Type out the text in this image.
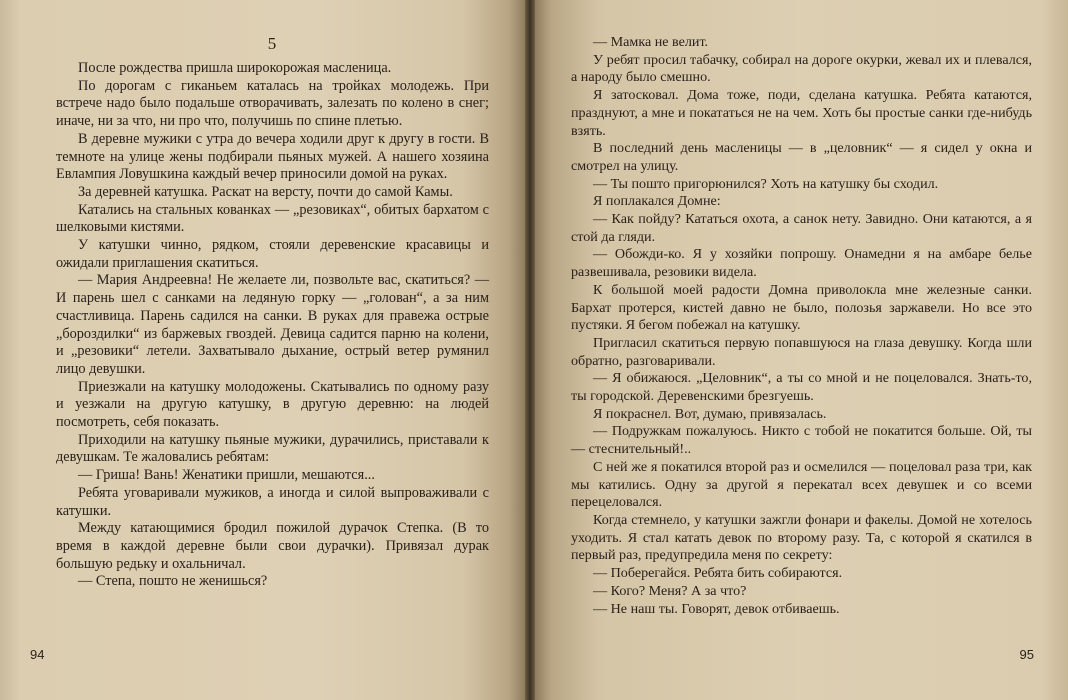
5

После рождества пришла широкорожая масленица.

По дорогам с гиканьем каталась на тройках молодежь. При встрече надо было подальше отворачивать, залезать по колено в снег; иначе, ни за что, ни про что, получишь по спине плетью.

В деревне мужики с утра до вечера ходили друг к другу в гости. В темноте на улице жены подбирали пьяных мужей. А нашего хозяина Евлампия Ловушкина каждый вечер приносили домой на руках.

За деревней катушка. Раскат на версту, почти до самой Камы.

Катались на стальных кованках — „резовиках“, обитых бархатом с шелковыми кистями.

У катушки чинно, рядком, стояли деревенские красавицы и ожидали приглашения скатиться.

— Мария Андреевна! Не желаете ли, позвольте вас, скатиться? — И парень шел с санками на ледяную горку — „голован“, а за ним счастливица. Парень садился на санки. В руках для правежа острые „бороздилки“ из баржевых гвоздей. Девица садится парню на колени, и „резовики“ летели. Захватывало дыхание, острый ветер румянил лицо девушки.

Приезжали на катушку молодожены. Скатывались по одному разу и уезжали на другую катушку, в другую деревню: на людей посмотреть, себя показать.

Приходили на катушку пьяные мужики, дурачились, приставали к девушкам. Те жаловались ребятам:

— Гриша! Вань! Женатики пришли, мешаются...

Ребята уговаривали мужиков, а иногда и силой выпроваживали с катушки.

Между катающимися бродил пожилой дурачок Степка. (В то время в каждой деревне были свои дурачки). Привязал дурак большую редьку и охальничал.

— Степа, пошто не женишься?

94

— Мамка не велит.

У ребят просил табачку, собирал на дороге окурки, жевал их и плевался, а народу было смешно.

Я затосковал. Дома тоже, поди, сделана катушка. Ребята катаются, празднуют, а мне и покататься не на чем. Хоть бы простые санки где-нибудь взять.

В последний день масленицы — в „целовник“ — я сидел у окна и смотрел на улицу.

— Ты пошто пригорюнился? Хоть на катушку бы сходил.

Я поплакался Домне:

— Как пойду? Кататься охота, а санок нету. Завидно. Они катаются, а я стой да гляди.

— Обожди-ко. Я у хозяйки попрошу. Онамедни я на амбаре белье развешивала, резовики видела.

К большой моей радости Домна приволокла мне железные санки. Бархат протерся, кистей давно не было, полозья заржавели. Но все это пустяки. Я бегом побежал на катушку.

Пригласил скатиться первую попавшуюся на глаза девушку. Когда шли обратно, разговаривали.

— Я обижаюся. „Целовник“, а ты со мной и не поцеловался. Знать-то, ты городской. Деревенскими брезгуешь.

Я покраснел. Вот, думаю, привязалась.

— Подружкам пожалуюсь. Никто с тобой не покатится больше. Ой, ты — стеснительный!..

С ней же я покатился второй раз и осмелился — поцеловал раза три, как мы катились. Одну за другой я перекатал всех девушек и со всеми перецеловался.

Когда стемнело, у катушки зажгли фонари и факелы. Домой не хотелось уходить. Я стал катать девок по второму разу. Та, с которой я скатился в первый раз, предупредила меня по секрету:

— Поберегайся. Ребята бить собираются.

— Кого? Меня? А за что?

— Не наш ты. Говорят, девок отбиваешь.

95
